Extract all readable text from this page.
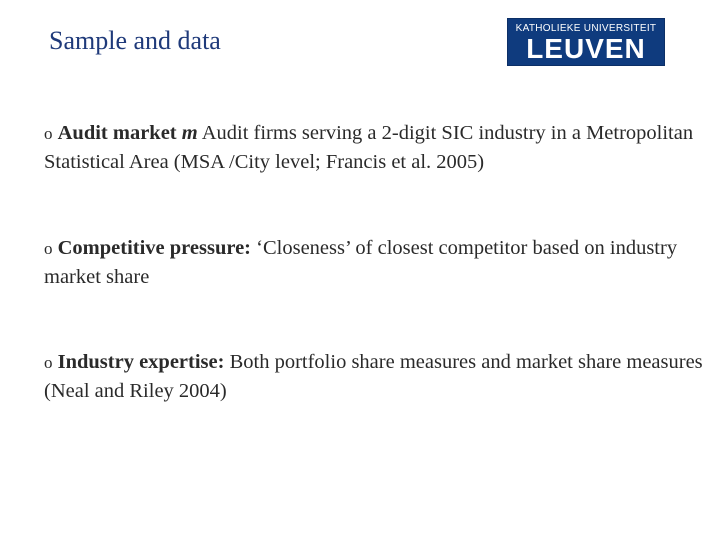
Sample and data	KATHOLIEKE UNIVERSITEIT
LEUVEN
o Audit market m Audit firms serving a 2-digit SIC industry in a Metropolitan Statistical Area (MSA /City level; Francis et al. 2005)
o Competitive pressure: ‘Closeness’ of closest competitor based on industry market share
o Industry expertise: Both portfolio share measures and market share measures (Neal and Riley 2004)
